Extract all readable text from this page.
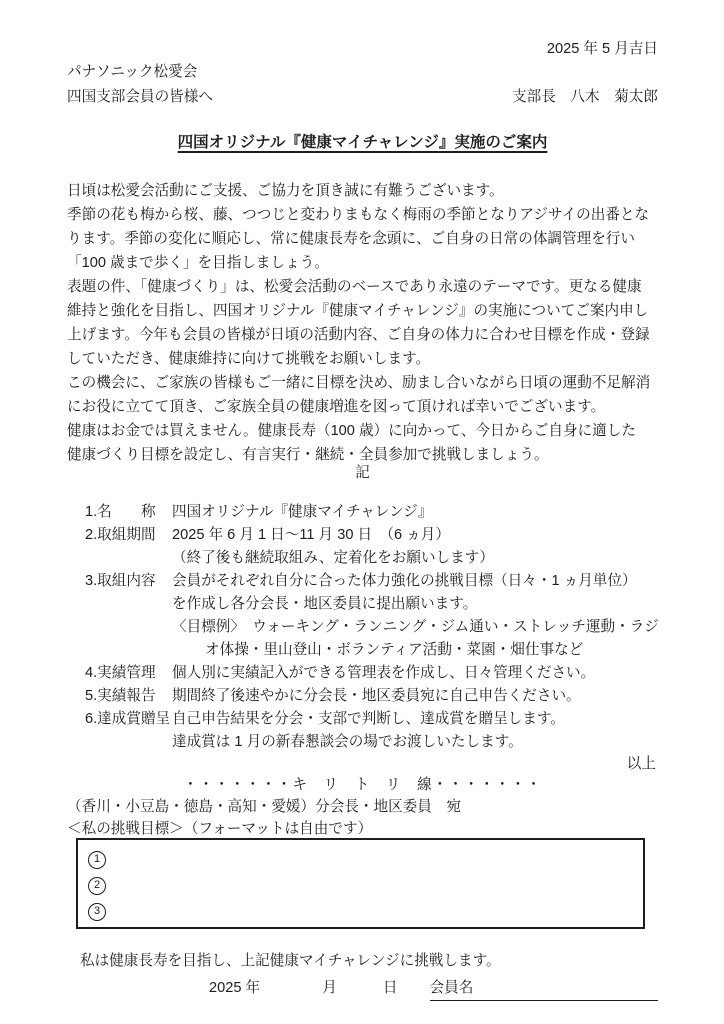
2025 年 5 月吉日
パナソニック松愛会
四国支部会員の皆様へ	支部長　八木　菊太郎
四国オリジナル『健康マイチャレンジ』実施のご案内
日頃は松愛会活動にご支援、ご協力を頂き誠に有難うございます。
季節の花も梅から桜、藤、つつじと変わりまもなく梅雨の季節となりアジサイの出番とな
ります。季節の変化に順応し、常に健康長寿を念頭に、ご自身の日常の体調管理を行い
「100 歳まで歩く」を目指しましょう。
表題の件、「健康づくり」は、松愛会活動のベースであり永遠のテーマです。更なる健康
維持と強化を目指し、四国オリジナル『健康マイチャレンジ』の実施についてご案内申し
上げます。今年も会員の皆様が日頃の活動内容、ご自身の体力に合わせ目標を作成・登録
していただき、健康維持に向けて挑戦をお願いします。
この機会に、ご家族の皆様もご一緒に目標を決め、励まし合いながら日頃の運動不足解消
にお役に立てて頂き、ご家族全員の健康増進を図って頂ければ幸いでございます。
健康はお金では買えません。健康長寿（100 歳）に向かって、今日からご自身に適した
健康づくり目標を設定し、有言実行・継続・全員参加で挑戦しましょう。
記
1.名　　称 四国オリジナル『健康マイチャレンジ』
2.取組期間 2025 年 6 月 1 日～11 月 30 日　（6 ヵ月）
（終了後も継続取組み、定着化をお願いします）
3.取組内容 会員がそれぞれ自分に合った体力強化の挑戦目標（日々・1 ヵ月単位）
を作成し各分会長・地区委員に提出願います。
〈目標例〉　ウォーキング・ランニング・ジム通い・ストレッチ運動・ラジ
オ体操・里山登山・ボランティア活動・菜園・畑仕事など
4.実績管理 個人別に実績記入ができる管理表を作成し、日々管理ください。
5.実績報告 期間終了後速やかに分会長・地区委員宛に自己申告ください。
6.達成賞贈呈 自己申告結果を分会・支部で判断し、達成賞を贈呈します。
達成賞は 1 月の新春懇談会の場でお渡しいたします。
以上
・・・・・・・キ　リ　ト　リ　線・・・・・・・
（香川・小豆島・徳島・高知・愛媛）分会長・地区委員　宛
＜私の挑戦目標＞（フォーマットは自由です）
1
2
3
私は健康長寿を目指し、上記健康マイチャレンジに挑戦します。
2025 年	月	日 会員名
